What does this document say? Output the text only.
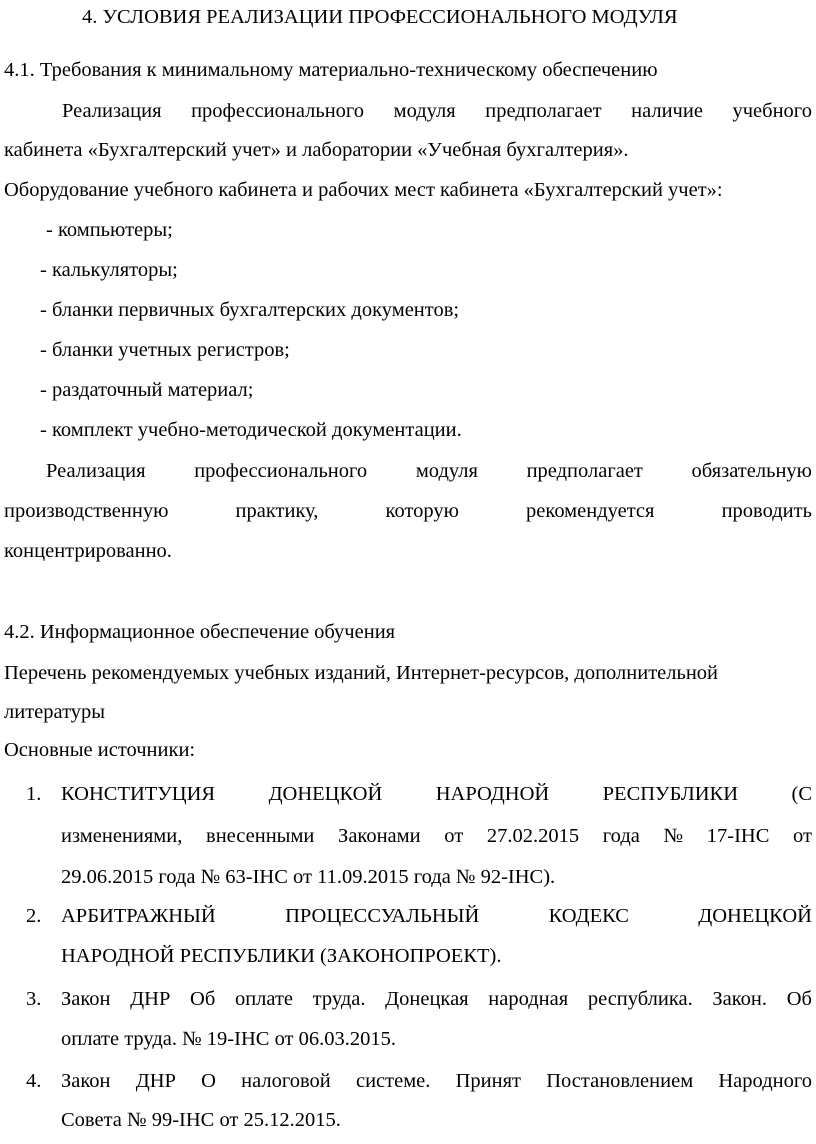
4. УСЛОВИЯ РЕАЛИЗАЦИИ ПРОФЕССИОНАЛЬНОГО МОДУЛЯ
4.1. Требования к минимальному материально-техническому обеспечению
Реализация профессионального модуля предполагает наличие учебного
кабинета «Бухгалтерский учет» и лаборатории «Учебная бухгалтерия».
Оборудование учебного кабинета и рабочих мест кабинета «Бухгалтерский учет»:
- компьютеры;
- калькуляторы;
- бланки первичных бухгалтерских документов;
- бланки учетных регистров;
- раздаточный материал;
- комплект учебно-методической документации.
Реализация профессионального модуля предполагает обязательную
производственную	практику,	которую	рекомендуется	проводить
концентрированно.
4.2. Информационное обеспечение обучения
Перечень рекомендуемых учебных изданий, Интернет-ресурсов, дополнительной
литературы
Основные источники:
1. КОНСТИТУЦИЯ	ДОНЕЦКОЙ	НАРОДНОЙ	РЕСПУБЛИКИ	(С
изменениями, внесенными Законами от 27.02.2015 года № 17-IНС от
29.06.2015 года № 63-IНС от 11.09.2015 года № 92-IНС).
2. АРБИТРАЖНЫЙ	ПРОЦЕССУАЛЬНЫЙ	КОДЕКС	ДОНЕЦКОЙ
НАРОДНОЙ РЕСПУБЛИКИ (ЗАКОНОПРОЕКТ).
3. Закон ДНР Об оплате труда. Донецкая народная республика. Закон. Об
оплате труда. № 19-IНС от 06.03.2015.
4. Закон ДНР О налоговой системе. Принят Постановлением Народного
Совета № 99-IНС от 25.12.2015.
